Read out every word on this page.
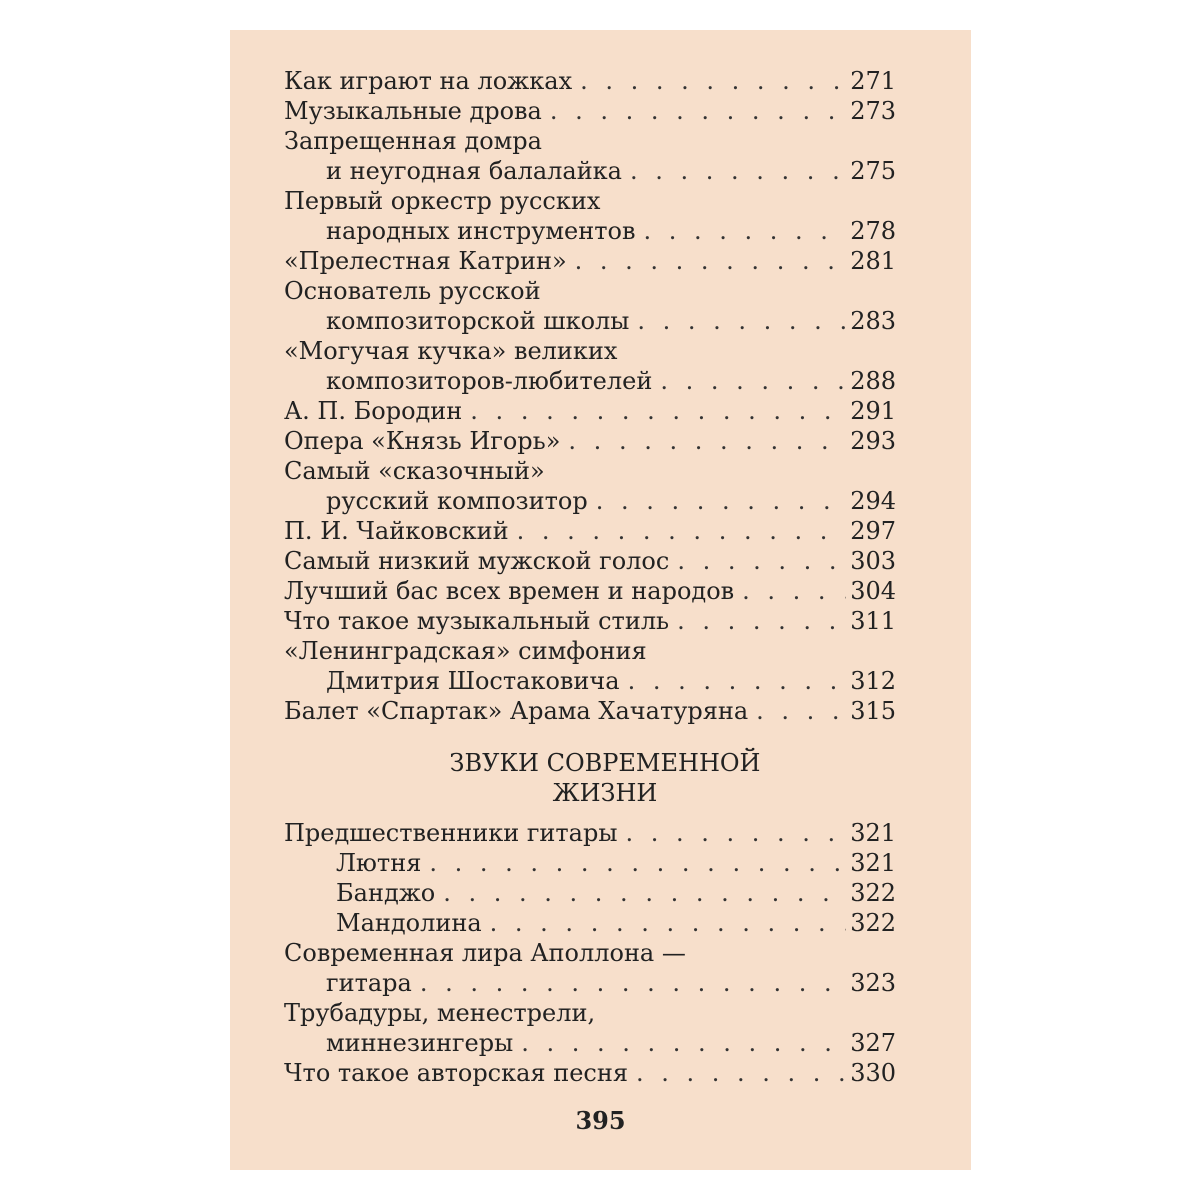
Как играют на ложках . . .	271
Музыкальные дрова . . .	273
Запрещенная домра
и неугодная балалайка . . .	275
Первый оркестр русских
народных инструментов . . .	278
«Прелестная Катрин» . . .	281
Основатель русской
композиторской школы . . .	283
«Могучая кучка» великих
композиторов-любителей . . .	288
А. П. Бородин . . .	291
Опера «Князь Игорь» . . .	293
Самый «сказочный»
русский композитор . . .	294
П. И. Чайковский . . .	297
Самый низкий мужской голос . . .	303
Лучший бас всех времен и народов . . .	304
Что такое музыкальный стиль . . .	311
«Ленинградская» симфония
Дмитрия Шостаковича . . .	312
Балет «Спартак» Арама Хачатуряна . . .	315
ЗВУКИ СОВРЕМЕННОЙ
ЖИЗНИ
Предшественники гитары . . .	321
Лютня . . .	321
Банджо . . .	322
Мандолина . . .	322
Современная лира Аполлона —
гитара . . .	323
Трубадуры, менестрели,
миннезингеры . . .	327
Что такое авторская песня . . .	330
395
